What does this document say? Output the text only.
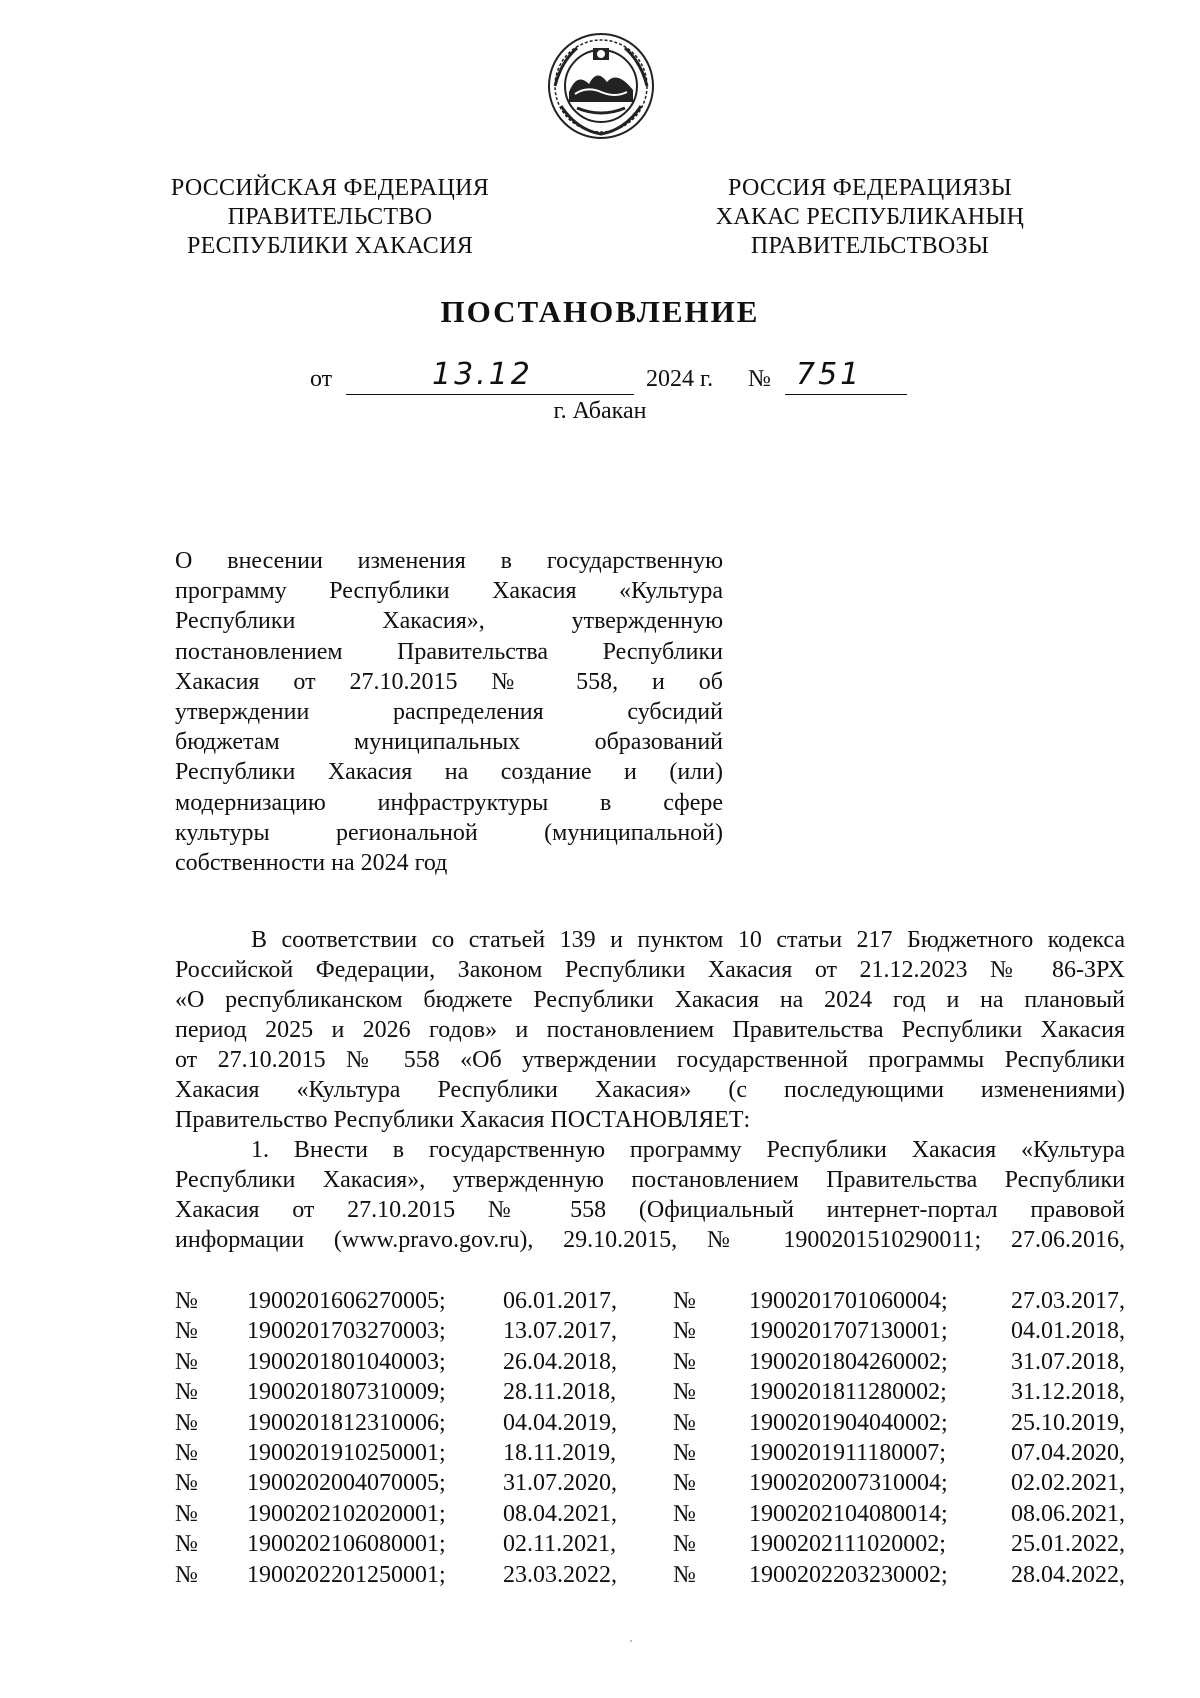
РОССИЙСКАЯ ФЕДЕРАЦИЯ
ПРАВИТЕЛЬСТВО
РЕСПУБЛИКИ ХАКАСИЯ
РОССИЯ ФЕДЕРАЦИЯЗЫ
ХАКАС РЕСПУБЛИКАНЫҢ
ПРАВИТЕЛЬСТВОЗЫ
ПОСТАНОВЛЕНИЕ
от	13.12	2024 г. № 751
г. Абакан
О внесении изменения в государственную
программу Республики Хакасия «Культура
Республики Хакасия», утвержденную
постановлением Правительства Республики
Хакасия от 27.10.2015 № 558, и об
утверждении распределения субсидий
бюджетам муниципальных образований
Республики Хакасия на создание и (или)
модернизацию инфраструктуры в сфере
культуры региональной (муниципальной)
собственности на 2024 год
В соответствии со статьей 139 и пунктом 10 статьи 217 Бюджетного кодекса
Российской Федерации, Законом Республики Хакасия от 21.12.2023 № 86-ЗРХ
«О республиканском бюджете Республики Хакасия на 2024 год и на плановый
период 2025 и 2026 годов» и постановлением Правительства Республики Хакасия
от 27.10.2015 № 558 «Об утверждении государственной программы Республики
Хакасия «Культура Республики Хакасия» (с последующими изменениями)
Правительство Республики Хакасия ПОСТАНОВЛЯЕТ:
1. Внести в государственную программу Республики Хакасия «Культура
Республики Хакасия», утвержденную постановлением Правительства Республики
Хакасия от 27.10.2015 № 558 (Официальный интернет-портал правовой
информации (www.pravo.gov.ru), 29.10.2015, № 1900201510290011; 27.06.2016,
№ 1900201606270005; 06.01.2017, № 1900201701060004;	27.03.2017,
№ 1900201703270003; 13.07.2017, № 1900201707130001;	04.01.2018,
№ 1900201801040003; 26.04.2018, № 1900201804260002;	31.07.2018,
№ 1900201807310009; 28.11.2018, № 1900201811280002;	31.12.2018,
№ 1900201812310006; 04.04.2019, № 1900201904040002;	25.10.2019,
№ 1900201910250001; 18.11.2019, № 1900201911180007;	07.04.2020,
№ 1900202004070005; 31.07.2020, № 1900202007310004;	02.02.2021,
№ 1900202102020001; 08.04.2021, № 1900202104080014;	08.06.2021,
№ 1900202106080001; 02.11.2021, № 1900202111020002;	25.01.2022,
№ 1900202201250001; 23.03.2022, № 1900202203230002;	28.04.2022,
